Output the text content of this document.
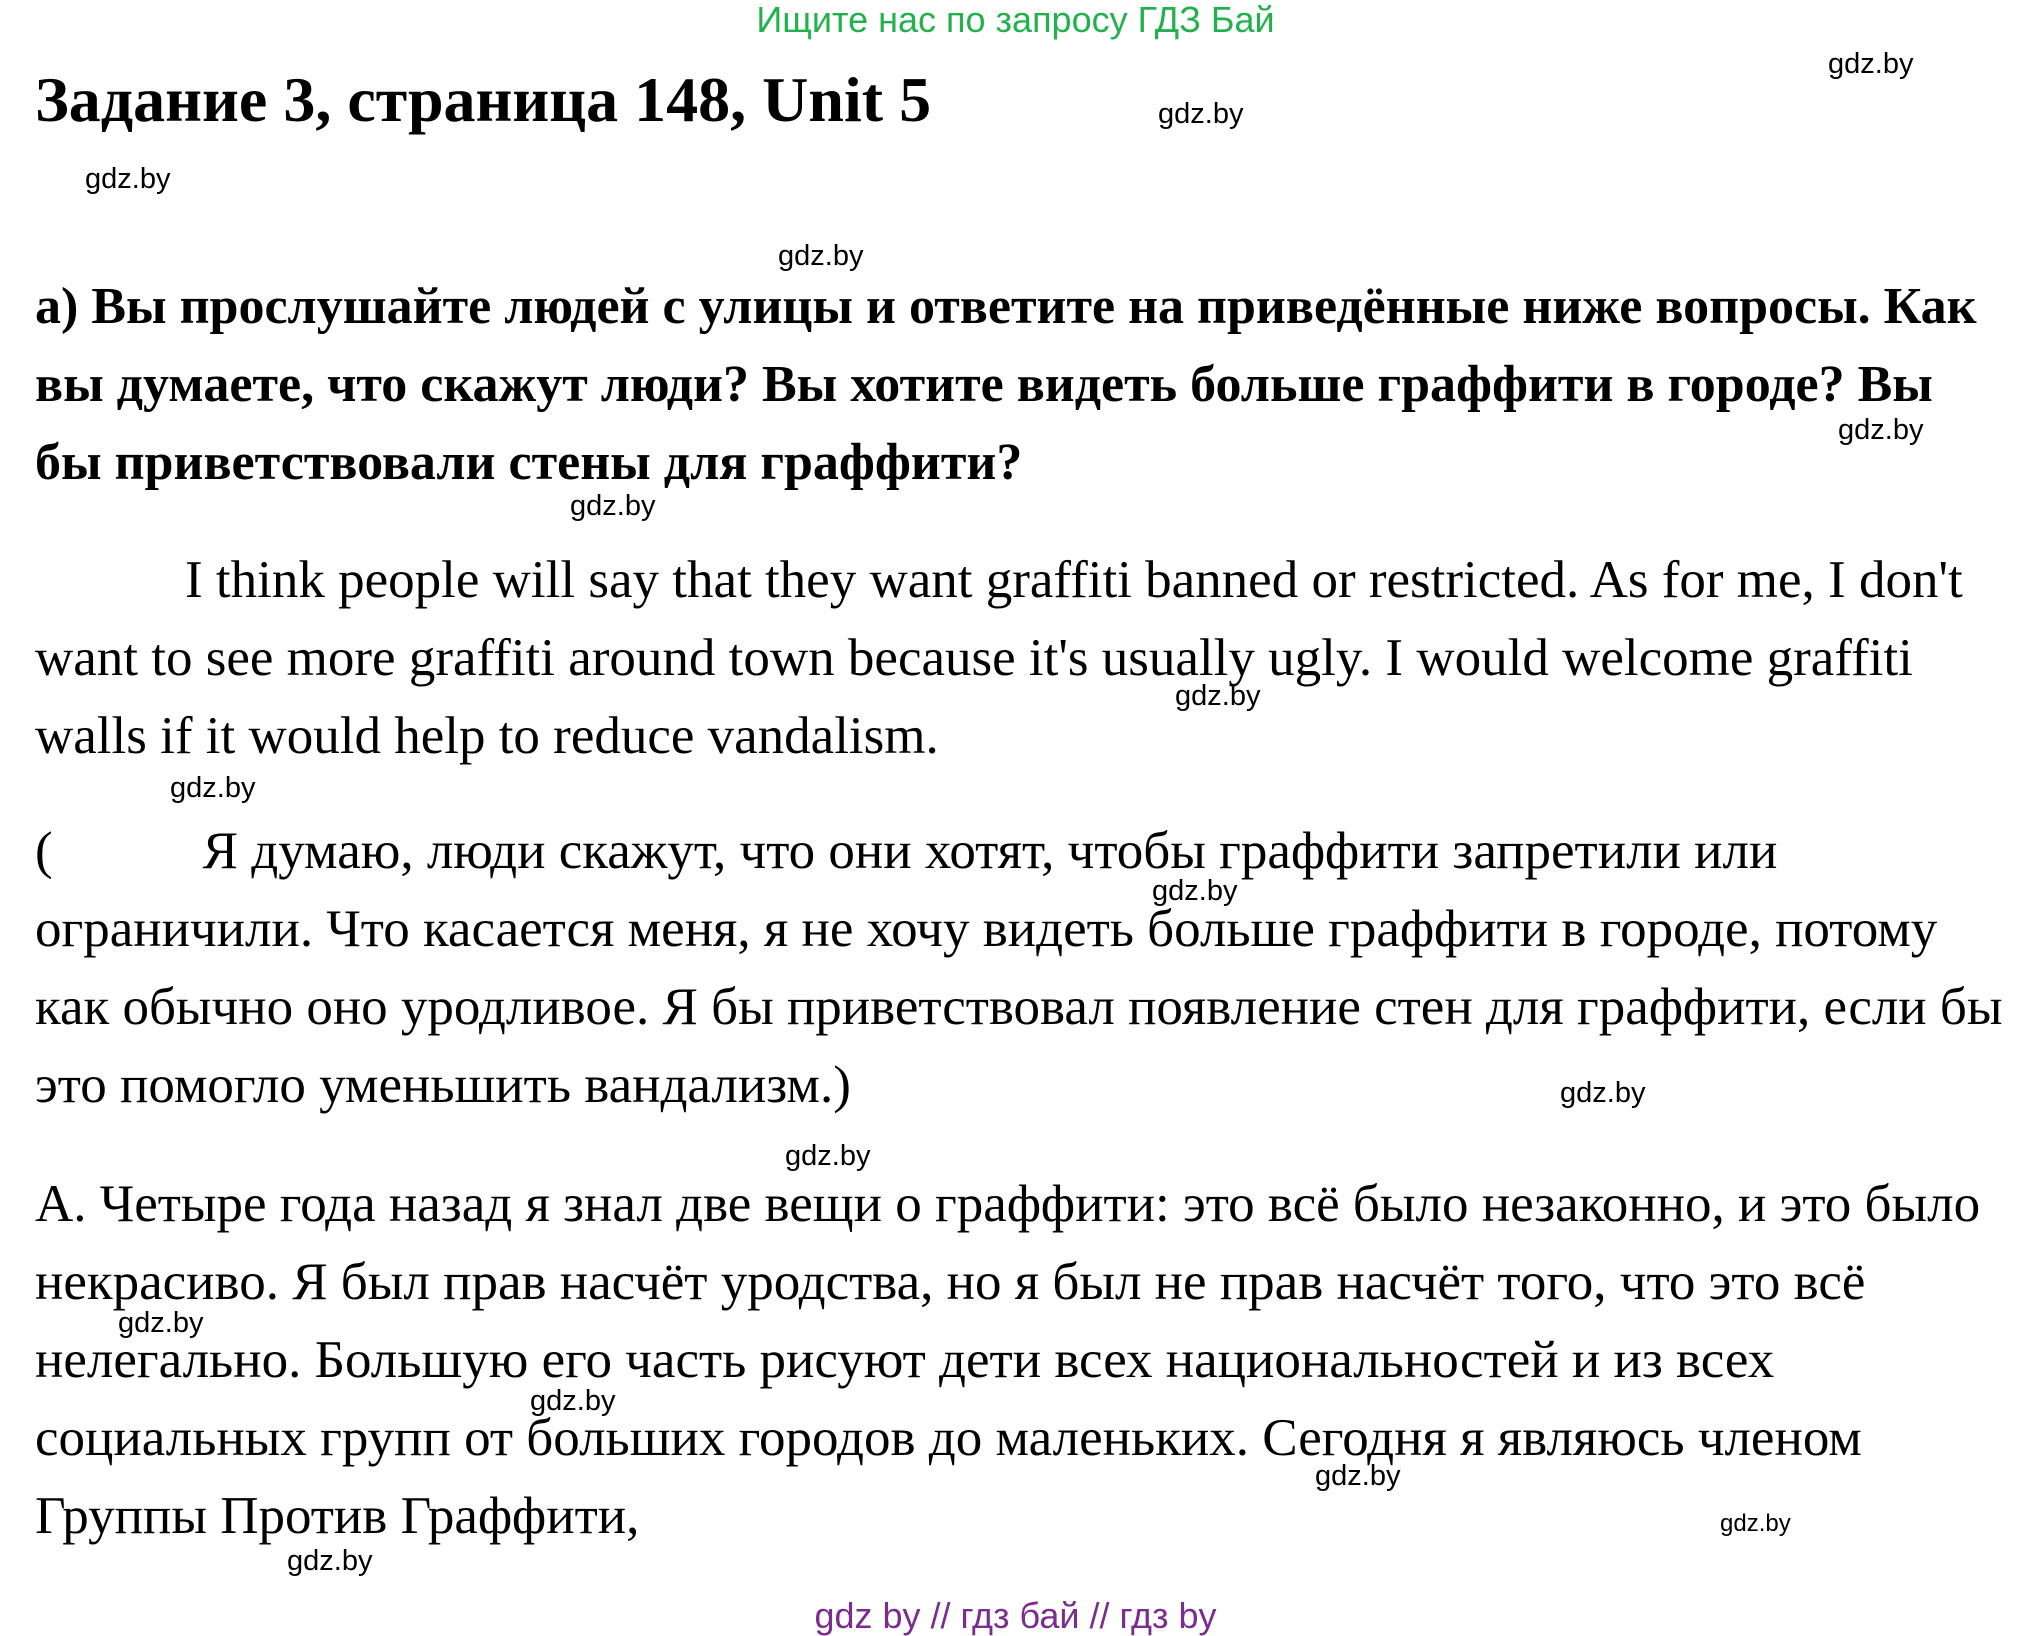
Ищите нас по запросу ГДЗ Бай
Задание 3, страница 148, Unit 5

а) Вы прослушайте людей с улицы и ответите на приведённые ниже вопросы. Как вы думаете, что скажут люди? Вы хотите видеть больше граффити в городе? Вы бы приветствовали стены для граффити?

I think people will say that they want graffiti banned or restricted. As for me, I don't want to see more graffiti around town because it's usually ugly. I would welcome graffiti walls if it would help to reduce vandalism.

(	Я думаю, люди скажут, что они хотят, чтобы граффити запретили или ограничили. Что касается меня, я не хочу видеть больше граффити в городе, потому как обычно оно уродливое. Я бы приветствовал появление стен для граффити, если бы это помогло уменьшить вандализм.)

А. Четыре года назад я знал две вещи о граффити: это всё было незаконно, и это было некрасиво. Я был прав насчёт уродства, но я был не прав насчёт того, что это всё нелегально. Большую его часть рисуют дети всех национальностей и из всех социальных групп от больших городов до маленьких. Сегодня я являюсь членом Группы Против Граффити,

gdz.by
gdz.by
gdz.by
gdz.by
gdz.by
gdz.by
gdz.by
gdz.by
gdz.by
gdz.by
gdz.by
gdz.by
gdz.by
gdz.by
gdz.by
gdz.by
gdz by // гдз бай // гдз by
